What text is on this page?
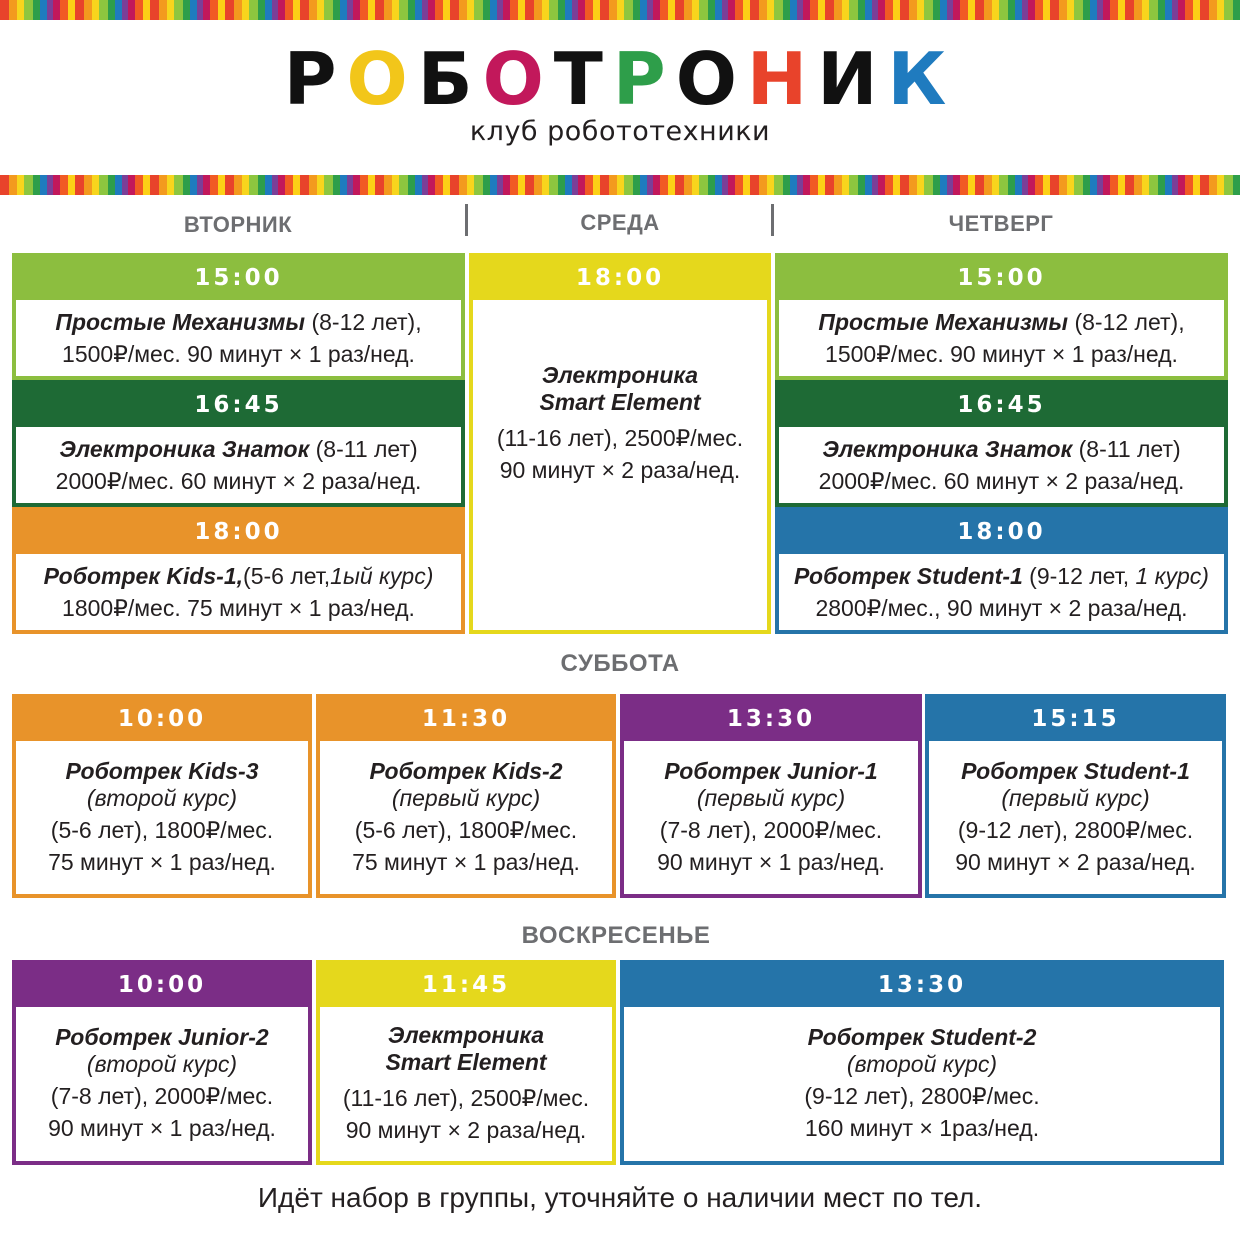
РОБОТРОНИК
клуб робототехники
ВТОРНИК	СРЕДА	ЧЕТВЕРГ
15:00
Простые Механизмы (8-12 лет),
1500₽/мес. 90 минут × 1 раз/нед.
16:45
Электроника Знаток (8-11 лет)
2000₽/мес. 60 минут × 2 раза/нед.
18:00
Роботрек Kids-1,(5-6 лет,1ый курс)
1800₽/мес. 75 минут × 1 раз/нед.
18:00
Электроника
Smart Element
(11-16 лет), 2500₽/мес.
90 минут × 2 раза/нед.
15:00
Простые Механизмы (8-12 лет),
1500₽/мес. 90 минут × 1 раз/нед.
16:45
Электроника Знаток (8-11 лет)
2000₽/мес. 60 минут × 2 раза/нед.
18:00
Роботрек Student-1 (9-12 лет, 1 курс)
2800₽/мес., 90 минут × 2 раза/нед.
СУББОТА
10:00
Роботрек Kids-3
(второй курс)
(5-6 лет), 1800₽/мес.
75 минут × 1 раз/нед.
11:30
Роботрек Kids-2
(первый курс)
(5-6 лет), 1800₽/мес.
75 минут × 1 раз/нед.
13:30
Роботрек Junior-1
(первый курс)
(7-8 лет), 2000₽/мес.
90 минут × 1 раз/нед.
15:15
Роботрек Student-1
(первый курс)
(9-12 лет), 2800₽/мес.
90 минут × 2 раза/нед.
ВОСКРЕСЕНЬЕ
10:00
Роботрек Junior-2
(второй курс)
(7-8 лет), 2000₽/мес.
90 минут × 1 раз/нед.
11:45
Электроника
Smart Element
(11-16 лет), 2500₽/мес.
90 минут × 2 раза/нед.
13:30
Роботрек Student-2
(второй курс)
(9-12 лет), 2800₽/мес.
160 минут × 1раз/нед.
Идёт набор в группы, уточняйте о наличии мест по тел.
